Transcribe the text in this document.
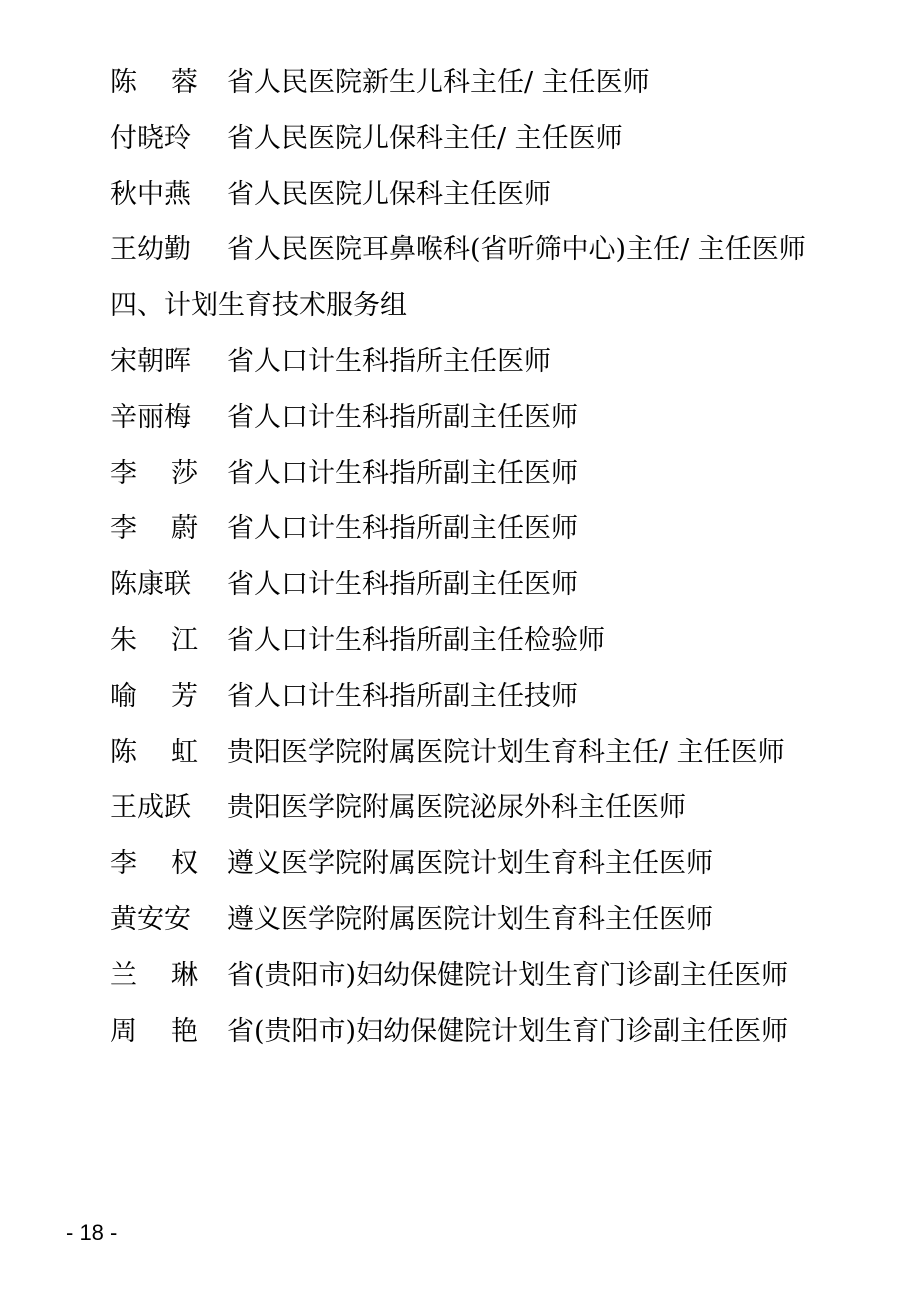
陈 蓉 省人民医院新生儿科主任/ 主任医师
付晓玲 省人民医院儿保科主任/ 主任医师
秋中燕 省人民医院儿保科主任医师
王幼勤 省人民医院耳鼻喉科(省听筛中心)主任/ 主任医师
四、计划生育技术服务组
宋朝晖 省人口计生科指所主任医师
辛丽梅 省人口计生科指所副主任医师
李 莎 省人口计生科指所副主任医师
李 蔚 省人口计生科指所副主任医师
陈康联 省人口计生科指所副主任医师
朱 江 省人口计生科指所副主任检验师
喻 芳 省人口计生科指所副主任技师
陈 虹 贵阳医学院附属医院计划生育科主任/ 主任医师
王成跃 贵阳医学院附属医院泌尿外科主任医师
李 权 遵义医学院附属医院计划生育科主任医师
黄安安 遵义医学院附属医院计划生育科主任医师
兰 琳 省(贵阳市)妇幼保健院计划生育门诊副主任医师
周 艳 省(贵阳市)妇幼保健院计划生育门诊副主任医师
- 18 -
